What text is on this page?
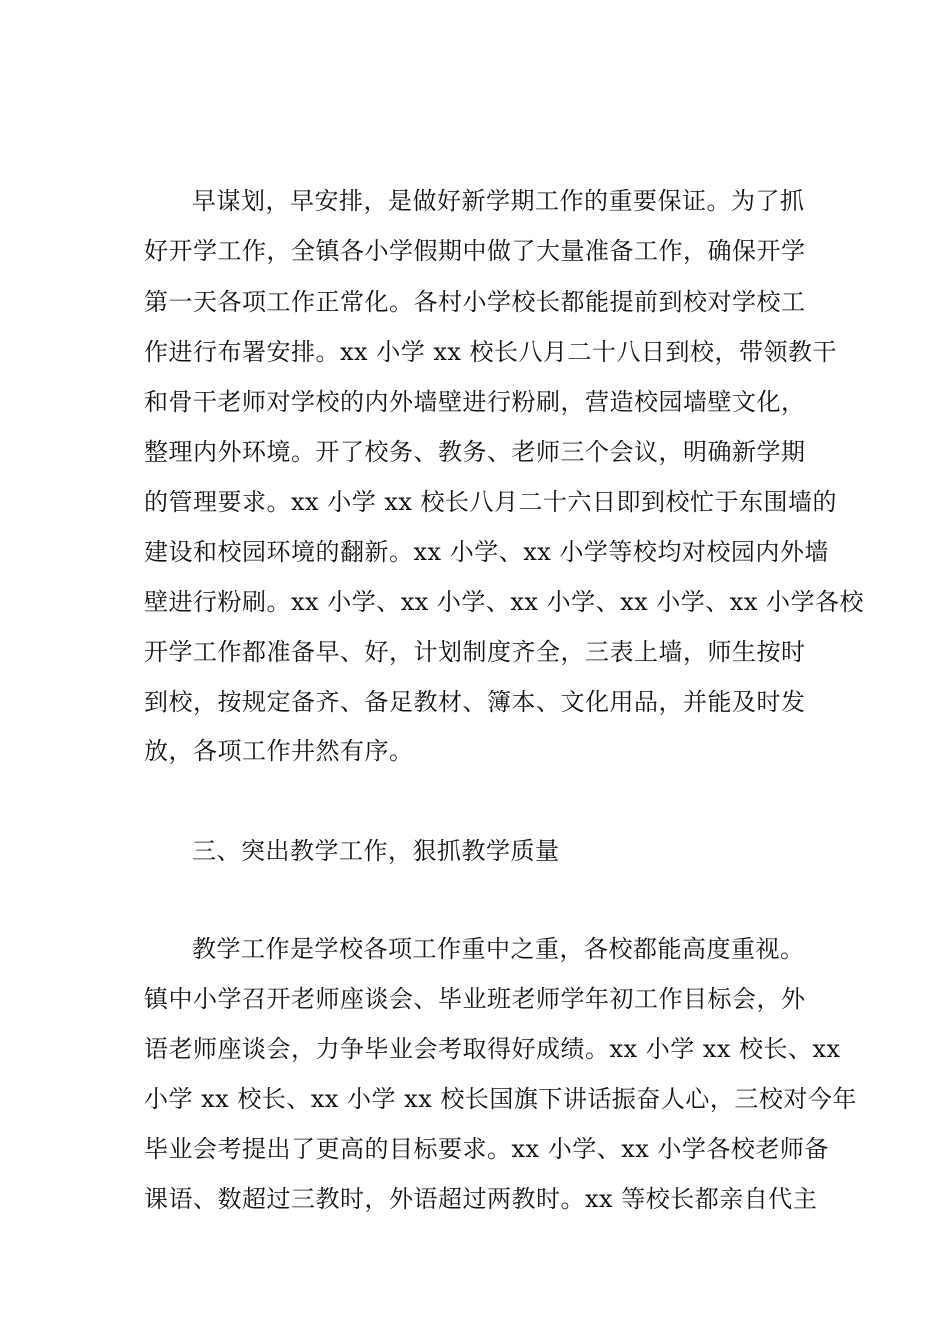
早谋划，早安排，是做好新学期工作的重要保证。为了抓
好开学工作，全镇各小学假期中做了大量准备工作，确保开学
第一天各项工作正常化。各村小学校长都能提前到校对学校工
作进行布署安排。xx 小学 xx 校长八月二十八日到校，带领教干
和骨干老师对学校的内外墙壁进行粉刷，营造校园墙壁文化，
整理内外环境。开了校务、教务、老师三个会议，明确新学期
的管理要求。xx 小学 xx 校长八月二十六日即到校忙于东围墙的
建设和校园环境的翻新。xx 小学、xx 小学等校均对校园内外墙
壁进行粉刷。xx 小学、xx 小学、xx 小学、xx 小学、xx 小学各校
开学工作都准备早、好，计划制度齐全，三表上墙，师生按时
到校，按规定备齐、备足教材、簿本、文化用品，并能及时发
放，各项工作井然有序。
三、突出教学工作，狠抓教学质量
教学工作是学校各项工作重中之重，各校都能高度重视。
镇中小学召开老师座谈会、毕业班老师学年初工作目标会，外
语老师座谈会，力争毕业会考取得好成绩。xx 小学 xx 校长、xx
小学 xx 校长、xx 小学 xx 校长国旗下讲话振奋人心，三校对今年
毕业会考提出了更高的目标要求。xx 小学、xx 小学各校老师备
课语、数超过三教时，外语超过两教时。xx 等校长都亲自代主
